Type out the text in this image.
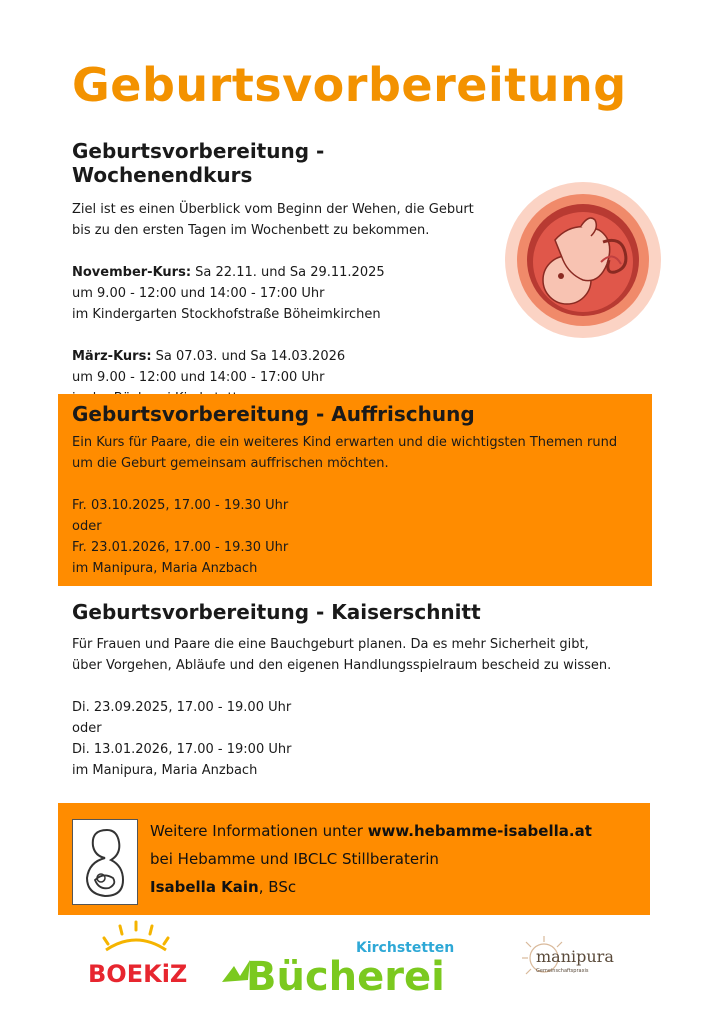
Geburtsvorbereitung
Geburtsvorbereitung - Wochenendkurs

Ziel ist es einen Überblick vom Beginn der Wehen, die Geburt

bis zu den ersten Tagen im Wochenbett zu bekommen.

November-Kurs: Sa 22.11. und Sa 29.11.2025

um 9.00 - 12:00 und 14:00 - 17:00 Uhr

im Kindergarten Stockhofstraße Böheimkirchen

März-Kurs: Sa 07.03. und Sa 14.03.2026

um 9.00 - 12:00 und 14:00 - 17:00 Uhr

Geburtsvorbereitung - Auffrischung

Ein Kurs für Paare, die ein weiteres Kind erwarten und die wichtigsten Themen rund

um die Geburt gemeinsam auffrischen möchten.

Fr. 03.10.2025, 17.00 - 19.30 Uhr

oder

Fr. 23.01.2026, 17.00 - 19.30 Uhr

im Manipura, Maria Anzbach

Geburtsvorbereitung - Kaiserschnitt

Für Frauen und Paare die eine Bauchgeburt planen. Da es mehr Sicherheit gibt,

über Vorgehen, Abläufe und den eigenen Handlungsspielraum bescheid zu wissen.

Di. 23.09.2025, 17.00 - 19.00 Uhr

oder

Di. 13.01.2026, 17.00 - 19:00 Uhr

im Manipura, Maria Anzbach

Weitere Informationen unter www.hebamme-isabella.at
bei Hebamme und IBCLC Stillberaterin
Isabella Kain, BSc
BOEKiZ
Kirchstetten
Bücherei	manipura
Gemeinschaftspraxis
